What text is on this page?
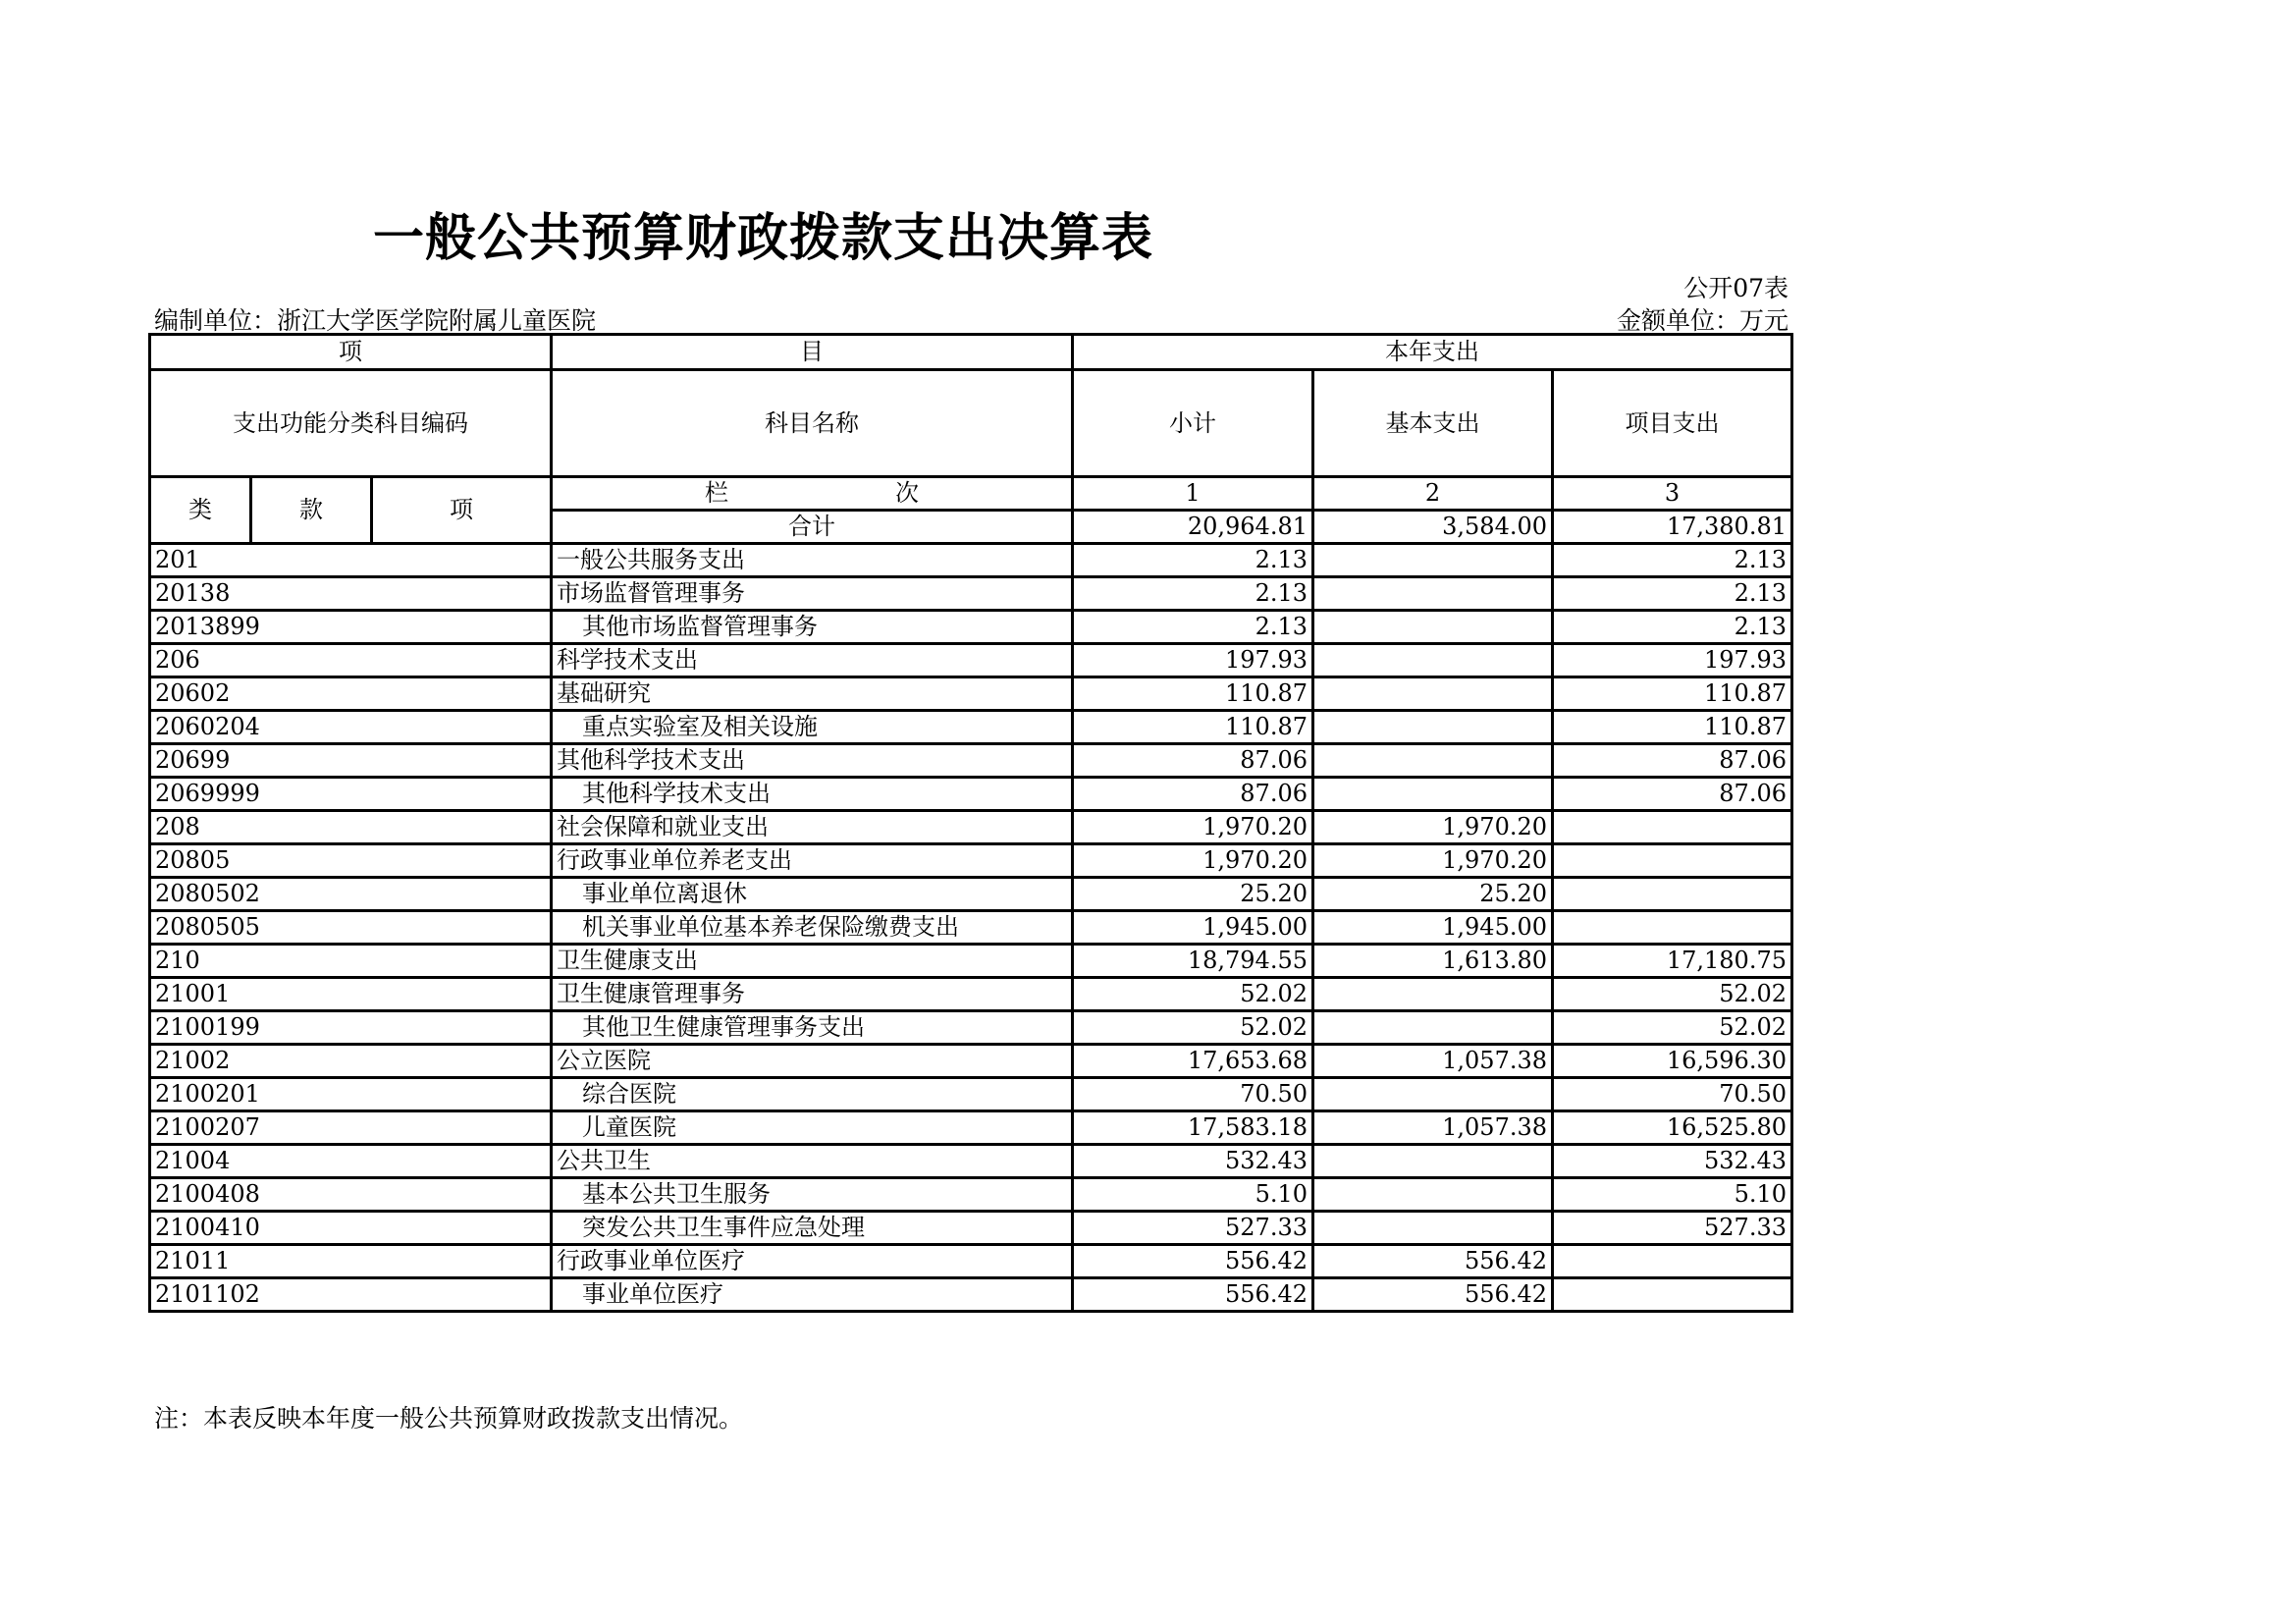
一般公共预算财政拨款支出决算表
公开07表
编制单位：浙江大学医学院附属儿童医院	金额单位：万元
项			目	本年支出		
支出功能分类科目编码			科目名称	小计	基本支出	项目支出
类	款	项	栏 次	1	2	3
			合计	20,964.81	3,584.00	17,380.81
201			一般公共服务支出	2.13		2.13
20138			市场监督管理事务	2.13		2.13
2013899			其他市场监督管理事务	2.13		2.13
206			科学技术支出	197.93		197.93
20602			基础研究	110.87		110.87
2060204			重点实验室及相关设施	110.87		110.87
20699			其他科学技术支出	87.06		87.06
2069999			其他科学技术支出	87.06		87.06
208			社会保障和就业支出	1,970.20	1,970.20	
20805			行政事业单位养老支出	1,970.20	1,970.20	
2080502			事业单位离退休	25.20	25.20	
2080505			机关事业单位基本养老保险缴费支出	1,945.00	1,945.00	
210			卫生健康支出	18,794.55	1,613.80	17,180.75
21001			卫生健康管理事务	52.02		52.02
2100199			其他卫生健康管理事务支出	52.02		52.02
21002			公立医院	17,653.68	1,057.38	16,596.30
2100201			综合医院	70.50		70.50
2100207			儿童医院	17,583.18	1,057.38	16,525.80
21004			公共卫生	532.43		532.43
2100408			基本公共卫生服务	5.10		5.10
2100410			突发公共卫生事件应急处理	527.33		527.33
21011			行政事业单位医疗	556.42	556.42	
2101102			事业单位医疗	556.42	556.42	
注：本表反映本年度一般公共预算财政拨款支出情况。
